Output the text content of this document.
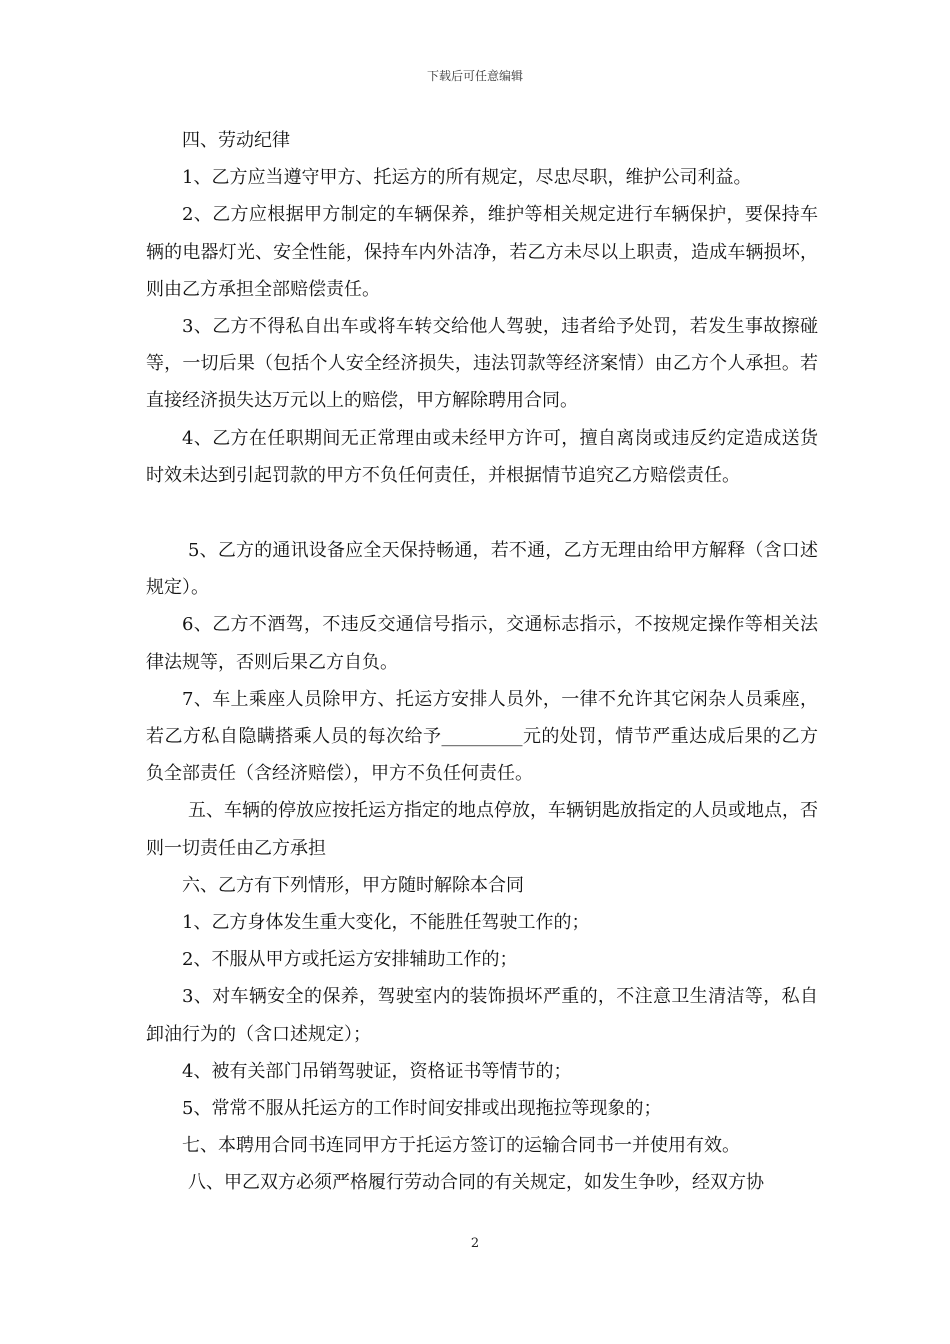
下载后可任意编辑

四、劳动纪律

1、乙方应当遵守甲方、托运方的所有规定，尽忠尽职，维护公司利益。

2、乙方应根据甲方制定的车辆保养，维护等相关规定进行车辆保护，要保持车辆的电器灯光、安全性能，保持车内外洁净，若乙方未尽以上职责，造成车辆损坏，则由乙方承担全部赔偿责任。

3、乙方不得私自出车或将车转交给他人驾驶，违者给予处罚，若发生事故擦碰等，一切后果（包括个人安全经济损失，违法罚款等经济案情）由乙方个人承担。若直接经济损失达万元以上的赔偿，甲方解除聘用合同。

4、乙方在任职期间无正常理由或未经甲方许可，擅自离岗或违反约定造成送货时效未达到引起罚款的甲方不负任何责任，并根据情节追究乙方赔偿责任。

5、乙方的通讯设备应全天保持畅通，若不通，乙方无理由给甲方解释（含口述规定）。

6、乙方不酒驾，不违反交通信号指示，交通标志指示，不按规定操作等相关法律法规等，否则后果乙方自负。

7、车上乘座人员除甲方、托运方安排人员外，一律不允许其它闲杂人员乘座，若乙方私自隐瞒搭乘人员的每次给予_________元的处罚，情节严重达成后果的乙方负全部责任（含经济赔偿），甲方不负任何责任。

五、车辆的停放应按托运方指定的地点停放，车辆钥匙放指定的人员或地点，否则一切责任由乙方承担

六、乙方有下列情形，甲方随时解除本合同

1、乙方身体发生重大变化，不能胜任驾驶工作的；

2、不服从甲方或托运方安排辅助工作的；

3、对车辆安全的保养，驾驶室内的装饰损坏严重的，不注意卫生清洁等，私自卸油行为的（含口述规定）；

4、被有关部门吊销驾驶证，资格证书等情节的；

5、常常不服从托运方的工作时间安排或出现拖拉等现象的；

七、本聘用合同书连同甲方于托运方签订的运输合同书一并使用有效。

八、甲乙双方必须严格履行劳动合同的有关规定，如发生争吵，经双方协

2
